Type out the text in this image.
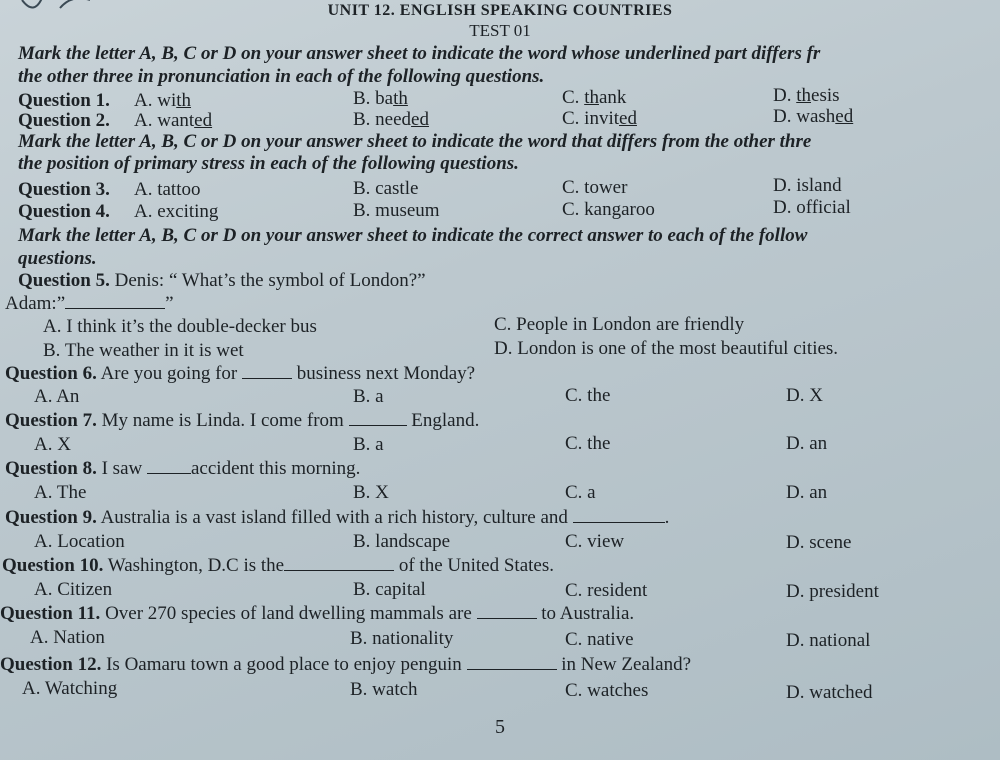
UNIT 12. ENGLISH SPEAKING COUNTRIES
TEST 01
Mark the letter A, B, C or D on your answer sheet to indicate the word whose underlined part differs fr
the other three in pronunciation in each of the following questions.
Question 1. A. with	B. bath	C. thank	D. thesis
Question 2. A. wanted	B. needed	C. invited	D. washed
Mark the letter A, B, C or D on your answer sheet to indicate the word that differs from the other thre
the position of primary stress in each of the following questions.
Question 3. A. tattoo	B. castle	C. tower	D. island
Question 4. A. exciting	B. museum	C. kangaroo	D. official
Mark the letter A, B, C or D on your answer sheet to indicate the correct answer to each of the follow
questions.
Question 5. Denis: “ What’s the symbol of London?”
Adam:”	”
A. I think it’s the double-decker bus	C. People in London are friendly
B. The weather in it is wet	D. London is one of the most beautiful cities.
Question 6. Are you going for	business next Monday?
A. An	B. a	C. the	D. X
Question 7. My name is Linda. I come from	England.
A. X	B. a	C. the	D. an
Question 8. I saw	accident this morning.
A. The	B. X	C. a	D. an
Question 9. Australia is a vast island filled with a rich history, culture and	.
A. Location	B. landscape	C. view	D. scene
Question 10. Washington, D.C is the	of the United States.
A. Citizen	B. capital	C. resident	D. president
Question 11. Over 270 species of land dwelling mammals are	to Australia.
A. Nation	B. nationality	C. native	D. national
Question 12. Is Oamaru town a good place to enjoy penguin	in New Zealand?
A. Watching	B. watch	C. watches	D. watched
5
